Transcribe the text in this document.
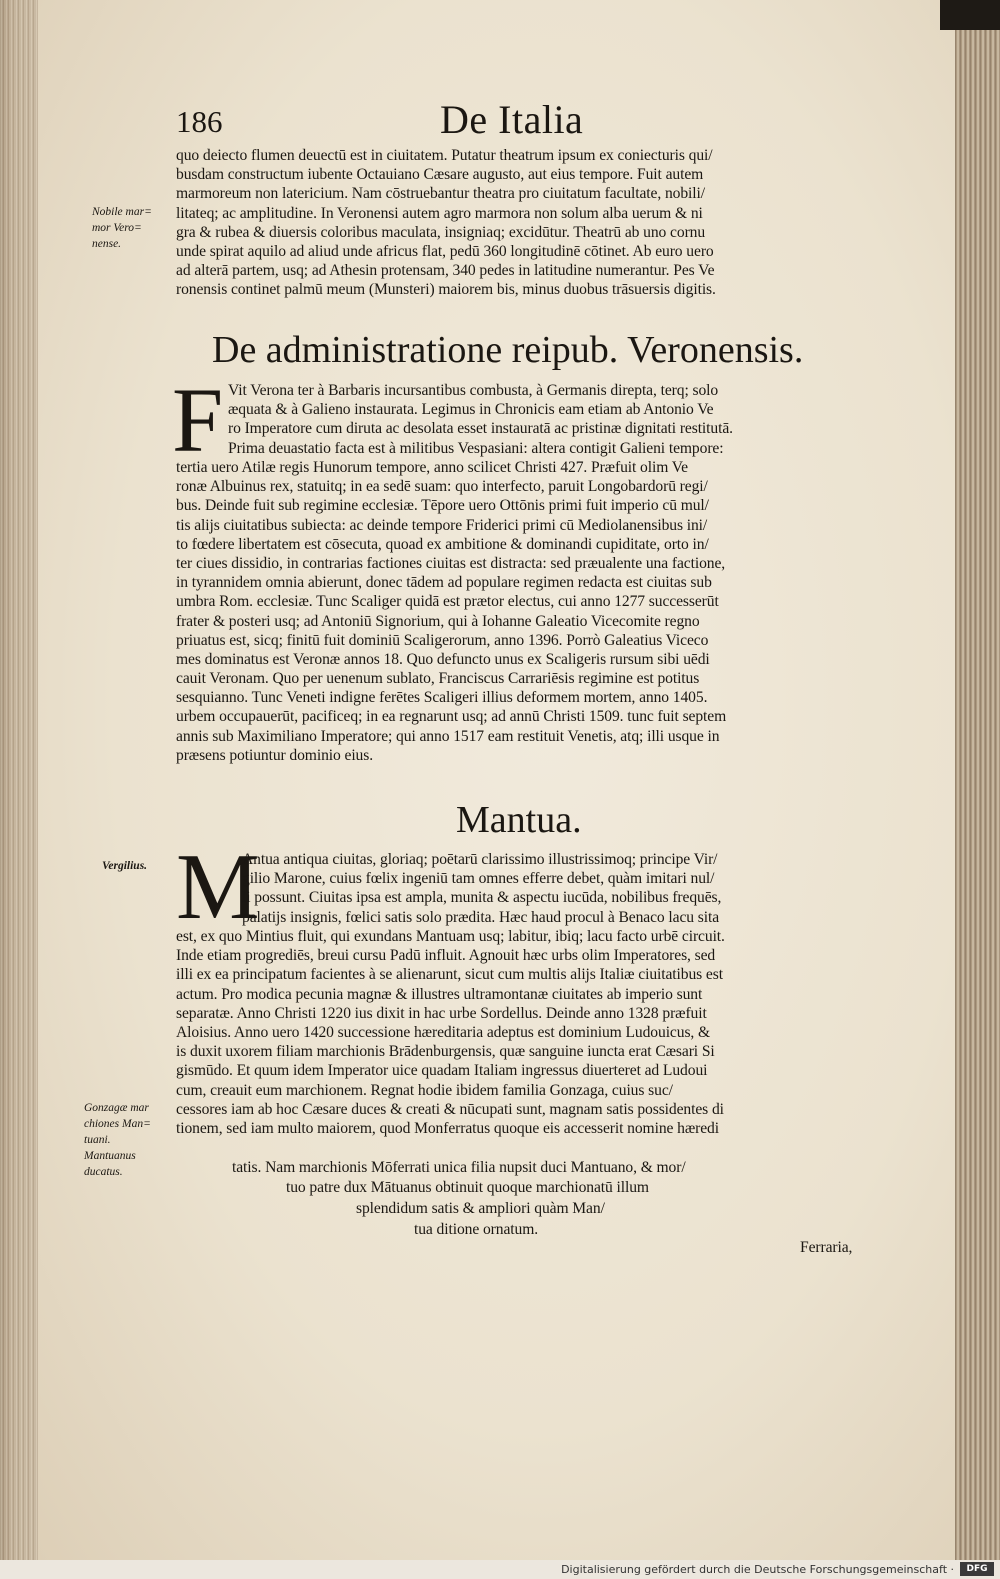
186	De Italia
quo deiecto flumen deuectū est in ciuitatem. Putatur theatrum ipsum ex coniecturis qui/
busdam constructum iubente Octauiano Cæsare augusto, aut eius tempore. Fuit autem
marmoreum non latericium. Nam cōstruebantur theatra pro ciuitatum facultate, nobili/
litateq; ac amplitudine. In Veronensi autem agro marmora non solum alba uerum & ni
gra & rubea & diuersis coloribus maculata, insigniaq; excidūtur. Theatrū ab uno cornu
unde spirat aquilo ad aliud unde africus flat, pedū 360 longitudinē cōtinet. Ab euro uero
ad alterā partem, usq; ad Athesin protensam, 340 pedes in latitudine numerantur. Pes Ve
ronensis continet palmū meum (Munsteri) maiorem bis, minus duobus trāsuersis digitis.
Nobile mar=
mor Vero=
nense.
De administratione reipub. Veronensis.
F Vit Verona ter à Barbaris incursantibus combusta, à Germanis direpta, terq; solo
æquata & à Galieno instaurata. Legimus in Chronicis eam etiam ab Antonio Ve
ro Imperatore cum diruta ac desolata esset instauratā ac pristinæ dignitati restitutā.
Prima deuastatio facta est à militibus Vespasiani: altera contigit Galieni tempore:
tertia uero Atilæ regis Hunorum tempore, anno scilicet Christi 427. Præfuit olim Ve
ronæ Albuinus rex, statuitq; in ea sedē suam: quo interfecto, paruit Longobardorū regi/
bus. Deinde fuit sub regimine ecclesiæ. Tēpore uero Ottōnis primi fuit imperio cū mul/
tis alijs ciuitatibus subiecta: ac deinde tempore Friderici primi cū Mediolanensibus ini/
to fœdere libertatem est cōsecuta, quoad ex ambitione & dominandi cupiditate, orto in/
ter ciues dissidio, in contrarias factiones ciuitas est distracta: sed præualente una factione,
in tyrannidem omnia abierunt, donec tādem ad populare regimen redacta est ciuitas sub
umbra Rom. ecclesiæ. Tunc Scaliger quidā est prætor electus, cui anno 1277 successerūt
frater & posteri usq; ad Antoniū Signorium, qui à Iohanne Galeatio Vicecomite regno
priuatus est, sicq; finitū fuit dominiū Scaligerorum, anno 1396. Porrò Galeatius Viceco
mes dominatus est Veronæ annos 18. Quo defuncto unus ex Scaligeris rursum sibi uēdi
cauit Veronam. Quo per uenenum sublato, Franciscus Carrariēsis regimine est potitus
sesquianno. Tunc Veneti indigne ferētes Scaligeri illius deformem mortem, anno 1405.
urbem occupauerūt, pacificeq; in ea regnarunt usq; ad annū Christi 1509. tunc fuit septem
annis sub Maximiliano Imperatore; qui anno 1517 eam restituit Venetis, atq; illi usque in
præsens potiuntur dominio eius.
Mantua.
Vergilius. M
Antua antiqua ciuitas, gloriaq; poētarū clarissimo illustrissimoq; principe Vir/
gilio Marone, cuius fœlix ingeniū tam omnes efferre debet, quàm imitari nul/
li possunt. Ciuitas ipsa est ampla, munita & aspectu iucūda, nobilibus frequēs,
palatijs insignis, fœlici satis solo prædita. Hæc haud procul à Benaco lacu sita
est, ex quo Mintius fluit, qui exundans Mantuam usq; labitur, ibiq; lacu facto urbē circuit.
Inde etiam progrediēs, breui cursu Padū influit. Agnouit hæc urbs olim Imperatores, sed
illi ex ea principatum facientes à se alienarunt, sicut cum multis alijs Italiæ ciuitatibus est
actum. Pro modica pecunia magnæ & illustres ultramontanæ ciuitates ab imperio sunt
separatæ. Anno Christi 1220 ius dixit in hac urbe Sordellus. Deinde anno 1328 præfuit
Aloisius. Anno uero 1420 successione hæreditaria adeptus est dominium Ludouicus, &
is duxit uxorem filiam marchionis Brādenburgensis, quæ sanguine iuncta erat Cæsari Si
gismūdo. Et quum idem Imperator uice quadam Italiam ingressus diuerteret ad Ludoui
cum, creauit eum marchionem. Regnat hodie ibidem familia Gonzaga, cuius suc/
cessores iam ab hoc Cæsare duces & creati & nūcupati sunt, magnam satis possidentes di
tionem, sed iam multo maiorem, quod Monferratus quoque eis accesserit nomine hæredi
tatis. Nam marchionis Mōferrati unica filia nupsit duci Mantuano, & mor/
tuo patre dux Mātuanus obtinuit quoque marchionatū illum
splendidum satis & ampliori quàm Man/
tua ditione ornatum.
Gonzagæ mar
chiones Man=
tuani.
Mantuanus
ducatus.
Ferraria,
Digitalisierung gefördert durch die Deutsche Forschungsgemeinschaft ·	DFG
